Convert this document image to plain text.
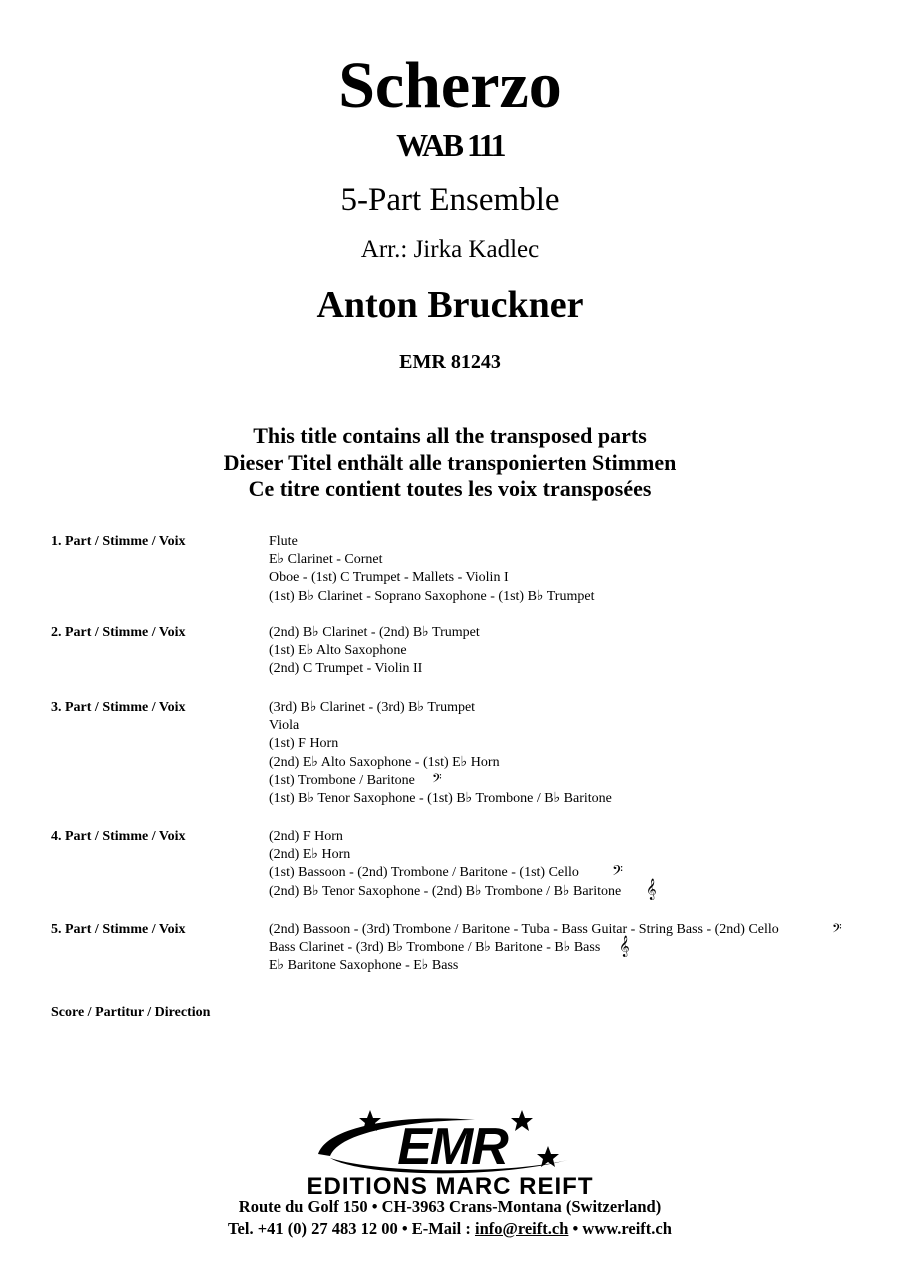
Scherzo
WAB 111
5-Part Ensemble
Arr.: Jirka Kadlec
Anton Bruckner
EMR 81243
This title contains all the transposed parts
Dieser Titel enthält alle transponierten Stimmen
Ce titre contient toutes les voix transposées
1. Part / Stimme / Voix	Flute
E♭ Clarinet - Cornet
Oboe - (1st) C Trumpet - Mallets - Violin I
(1st) B♭ Clarinet - Soprano Saxophone - (1st) B♭ Trumpet
2. Part / Stimme / Voix	(2nd) B♭ Clarinet - (2nd) B♭ Trumpet
(1st) E♭ Alto Saxophone
(2nd) C Trumpet - Violin II
3. Part / Stimme / Voix	(3rd) B♭ Clarinet - (3rd) B♭ Trumpet
Viola
(1st) F Horn
(2nd) E♭ Alto Saxophone - (1st) E♭ Horn
(1st) Trombone / Baritone
(1st) B♭ Tenor Saxophone - (1st) B♭ Trombone / B♭ Baritone
𝄢
4. Part / Stimme / Voix	(2nd) F Horn
(2nd) E♭ Horn
(1st) Bassoon - (2nd) Trombone / Baritone - (1st) Cello
(2nd) B♭ Tenor Saxophone - (2nd) B♭ Trombone / B♭ Baritone
𝄢
𝄞
5. Part / Stimme / Voix	(2nd) Bassoon - (3rd) Trombone / Baritone - Tuba - Bass Guitar - String Bass - (2nd) Cello
Bass Clarinet - (3rd) B♭ Trombone / B♭ Baritone - B♭ Bass
E♭ Baritone Saxophone - E♭ Bass
𝄢
𝄞
Score / Partitur / Direction
EMR
EDITIONS MARC REIFT
Route du Golf 150 • CH-3963 Crans-Montana (Switzerland)
Tel. +41 (0) 27 483 12 00 • E-Mail : info@reift.ch • www.reift.ch
